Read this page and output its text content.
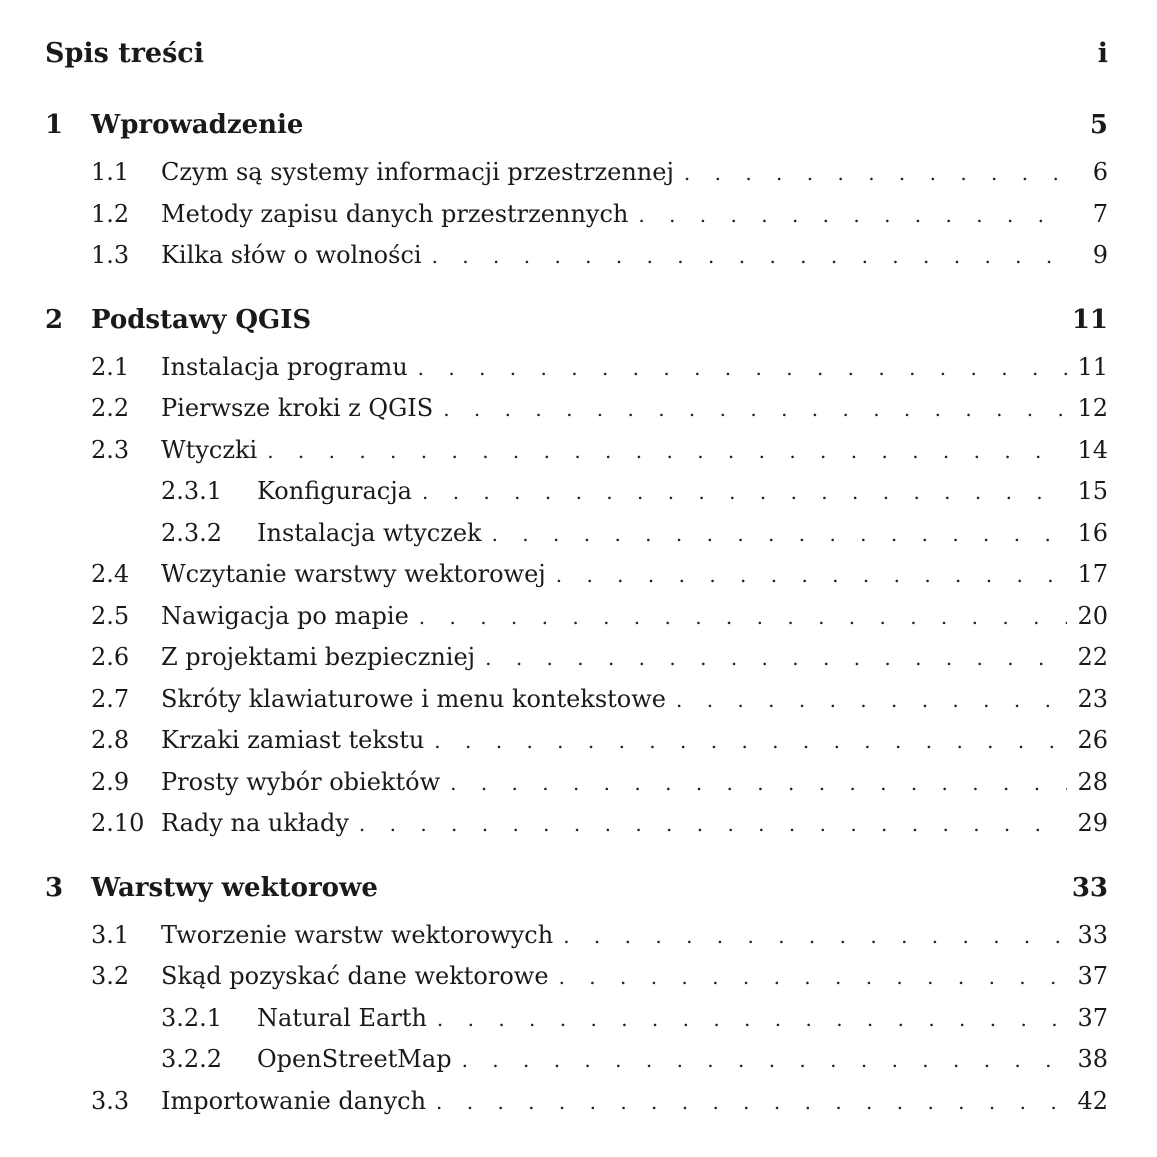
Spis treści	i
1	Wprowadzenie	5
1.1	Czym są systemy informacji przestrzennej . . .	6
1.2	Metody zapisu danych przestrzennych . . .	7
1.3	Kilka słów o wolności . . .	9
2	Podstawy QGIS	11
2.1	Instalacja programu . . .	11
2.2	Pierwsze kroki z QGIS . . .	12
2.3	Wtyczki . . .	14
2.3.1	Konfiguracja . . .	15
2.3.2	Instalacja wtyczek . . .	16
2.4	Wczytanie warstwy wektorowej . . .	17
2.5	Nawigacja po mapie . . .	20
2.6	Z projektami bezpieczniej . . .	22
2.7	Skróty klawiaturowe i menu kontekstowe . . .	23
2.8	Krzaki zamiast tekstu . . .	26
2.9	Prosty wybór obiektów . . .	28
2.10 Rady na układy . . .	29
3	Warstwy wektorowe	33
3.1	Tworzenie warstw wektorowych . . .	33
3.2	Skąd pozyskać dane wektorowe . . .	37
3.2.1	Natural Earth . . .	37
3.2.2	OpenStreetMap . . .	38
3.3	Importowanie danych . . .	42
